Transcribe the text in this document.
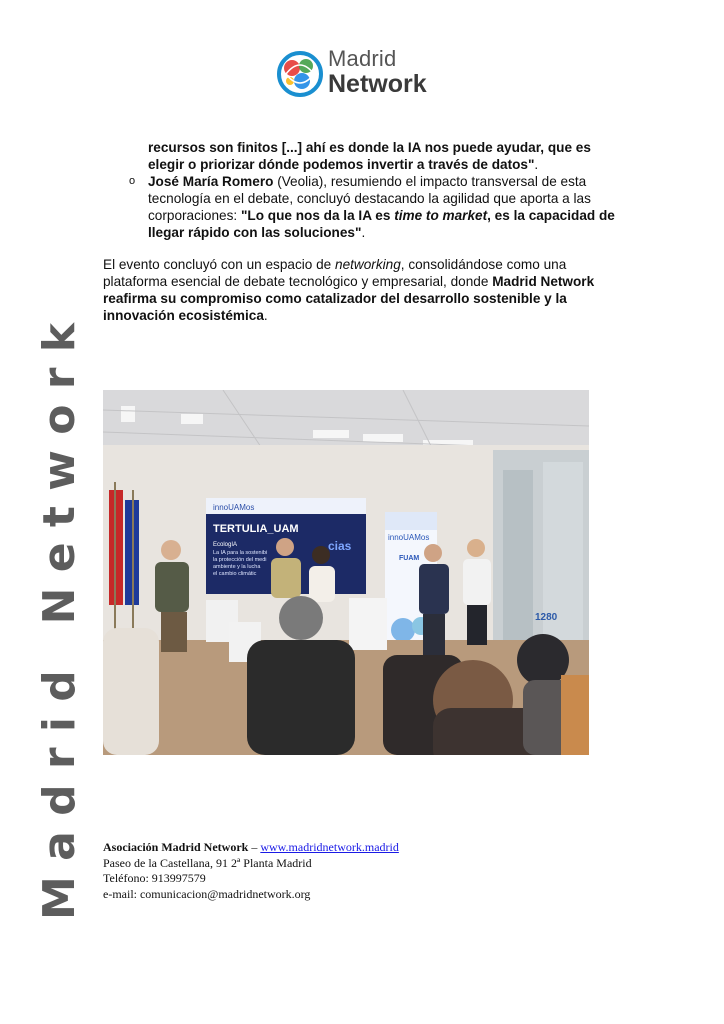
Madrid
Network
Madrid Network

recursos son finitos [...] ahí es donde la IA nos puede ayudar, que es elegir o priorizar dónde podemos invertir a través de datos".

o José María Romero (Veolia), resumiendo el impacto transversal de esta tecnología en el debate, concluyó destacando la agilidad que aporta a las corporaciones: "Lo que nos da la IA es time to market, es la capacidad de llegar rápido con las soluciones".

El evento concluyó con un espacio de networking, consolidándose como una plataforma esencial de debate tecnológico y empresarial, donde Madrid Network reafirma su compromiso como catalizador del desarrollo sostenible y la innovación ecosistémica.

innoUAMos
TERTULIA_UAM
EcologIA
La IA para la sostenibi
la protección del medi
ambiente y la lucha
el cambio climátic
cias
innoUAMos
FUAM
1280
Asociación Madrid Network – www.madridnetwork.madrid
Paseo de la Castellana, 91 2ª Planta Madrid
Teléfono: 913997579
e-mail: comunicacion@madridnetwork.org
